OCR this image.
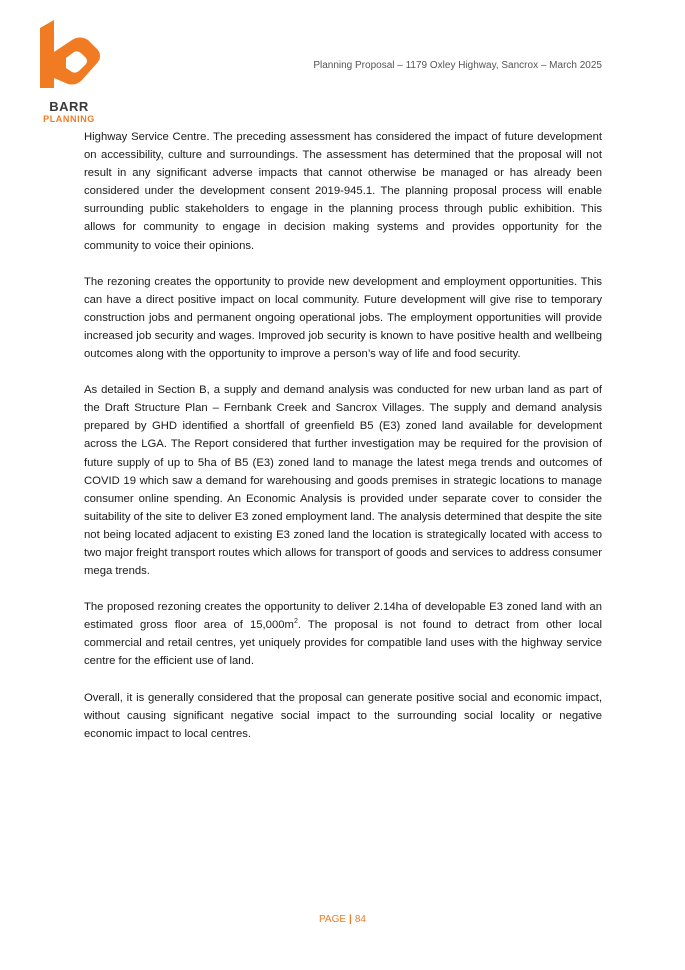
BARR
PLANNING
Planning Proposal – 1179 Oxley Highway, Sancrox – March 2025

Highway Service Centre. The preceding assessment has considered the impact of future development on accessibility, culture and surroundings. The assessment has determined that the proposal will not result in any significant adverse impacts that cannot otherwise be managed or has already been considered under the development consent 2019-945.1. The planning proposal process will enable surrounding public stakeholders to engage in the planning process through public exhibition. This allows for community to engage in decision making systems and provides opportunity for the community to voice their opinions.

The rezoning creates the opportunity to provide new development and employment opportunities. This can have a direct positive impact on local community. Future development will give rise to temporary construction jobs and permanent ongoing operational jobs. The employment opportunities will provide increased job security and wages. Improved job security is known to have positive health and wellbeing outcomes along with the opportunity to improve a person’s way of life and food security.

As detailed in Section B, a supply and demand analysis was conducted for new urban land as part of the Draft Structure Plan – Fernbank Creek and Sancrox Villages. The supply and demand analysis prepared by GHD identified a shortfall of greenfield B5 (E3) zoned land available for development across the LGA. The Report considered that further investigation may be required for the provision of future supply of up to 5ha of B5 (E3) zoned land to manage the latest mega trends and outcomes of COVID 19 which saw a demand for warehousing and goods premises in strategic locations to manage consumer online spending. An Economic Analysis is provided under separate cover to consider the suitability of the site to deliver E3 zoned employment land. The analysis determined that despite the site not being located adjacent to existing E3 zoned land the location is strategically located with access to two major freight transport routes which allows for transport of goods and services to address consumer mega trends.

The proposed rezoning creates the opportunity to deliver 2.14ha of developable E3 zoned land with an estimated gross floor area of $15,000m^2$. The proposal is not found to detract from other local commercial and retail centres, yet uniquely provides for compatible land uses with the highway service centre for the efficient use of land.

Overall, it is generally considered that the proposal can generate positive social and economic impact, without causing significant negative social impact to the surrounding social locality or negative economic impact to local centres.

PAGE | 84
